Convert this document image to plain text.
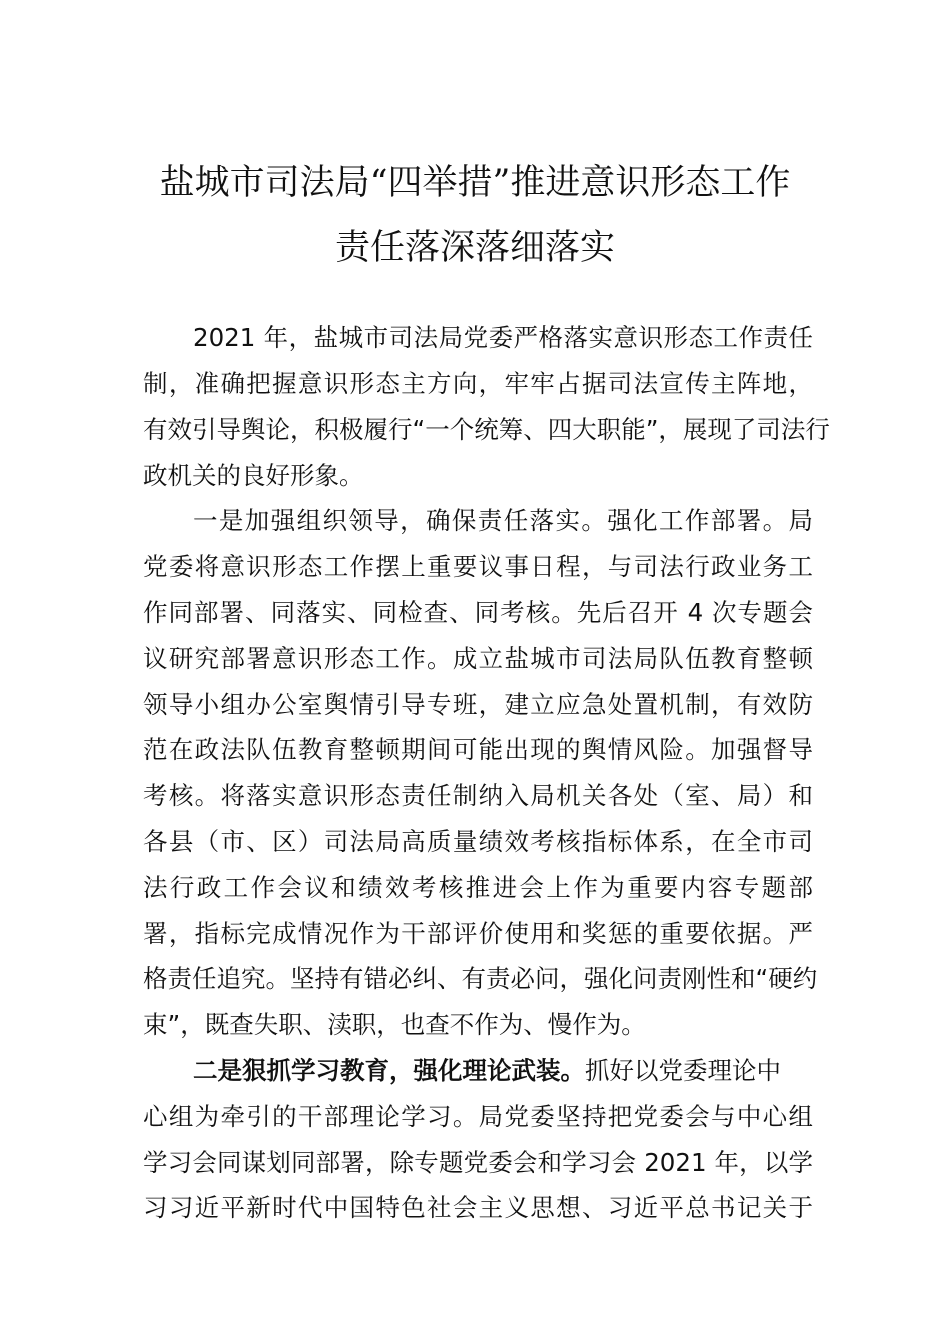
盐城市司法局“四举措”推进意识形态工作
责任落深落细落实

2021 年，盐城市司法局党委严格落实意识形态工作责任

制，准确把握意识形态主方向，牢牢占据司法宣传主阵地，

有效引导舆论，积极履行“一个统筹、四大职能”，展现了司法行

政机关的良好形象。

一是加强组织领导，确保责任落实。强化工作部署。局

党委将意识形态工作摆上重要议事日程，与司法行政业务工

作同部署、同落实、同检查、同考核。先后召开 4 次专题会

议研究部署意识形态工作。成立盐城市司法局队伍教育整顿

领导小组办公室舆情引导专班，建立应急处置机制，有效防

范在政法队伍教育整顿期间可能出现的舆情风险。加强督导

考核。将落实意识形态责任制纳入局机关各处（室、局）和

各县（市、区）司法局高质量绩效考核指标体系，在全市司

法行政工作会议和绩效考核推进会上作为重要内容专题部

署，指标完成情况作为干部评价使用和奖惩的重要依据。严

格责任追究。坚持有错必纠、有责必问，强化问责刚性和“硬约

束”，既查失职、渎职，也查不作为、慢作为。

二是狠抓学习教育，强化理论武装。抓好以党委理论中

心组为牵引的干部理论学习。局党委坚持把党委会与中心组

学习会同谋划同部署，除专题党委会和学习会 2021 年，以学

习习近平新时代中国特色社会主义思想、习近平总书记关于
